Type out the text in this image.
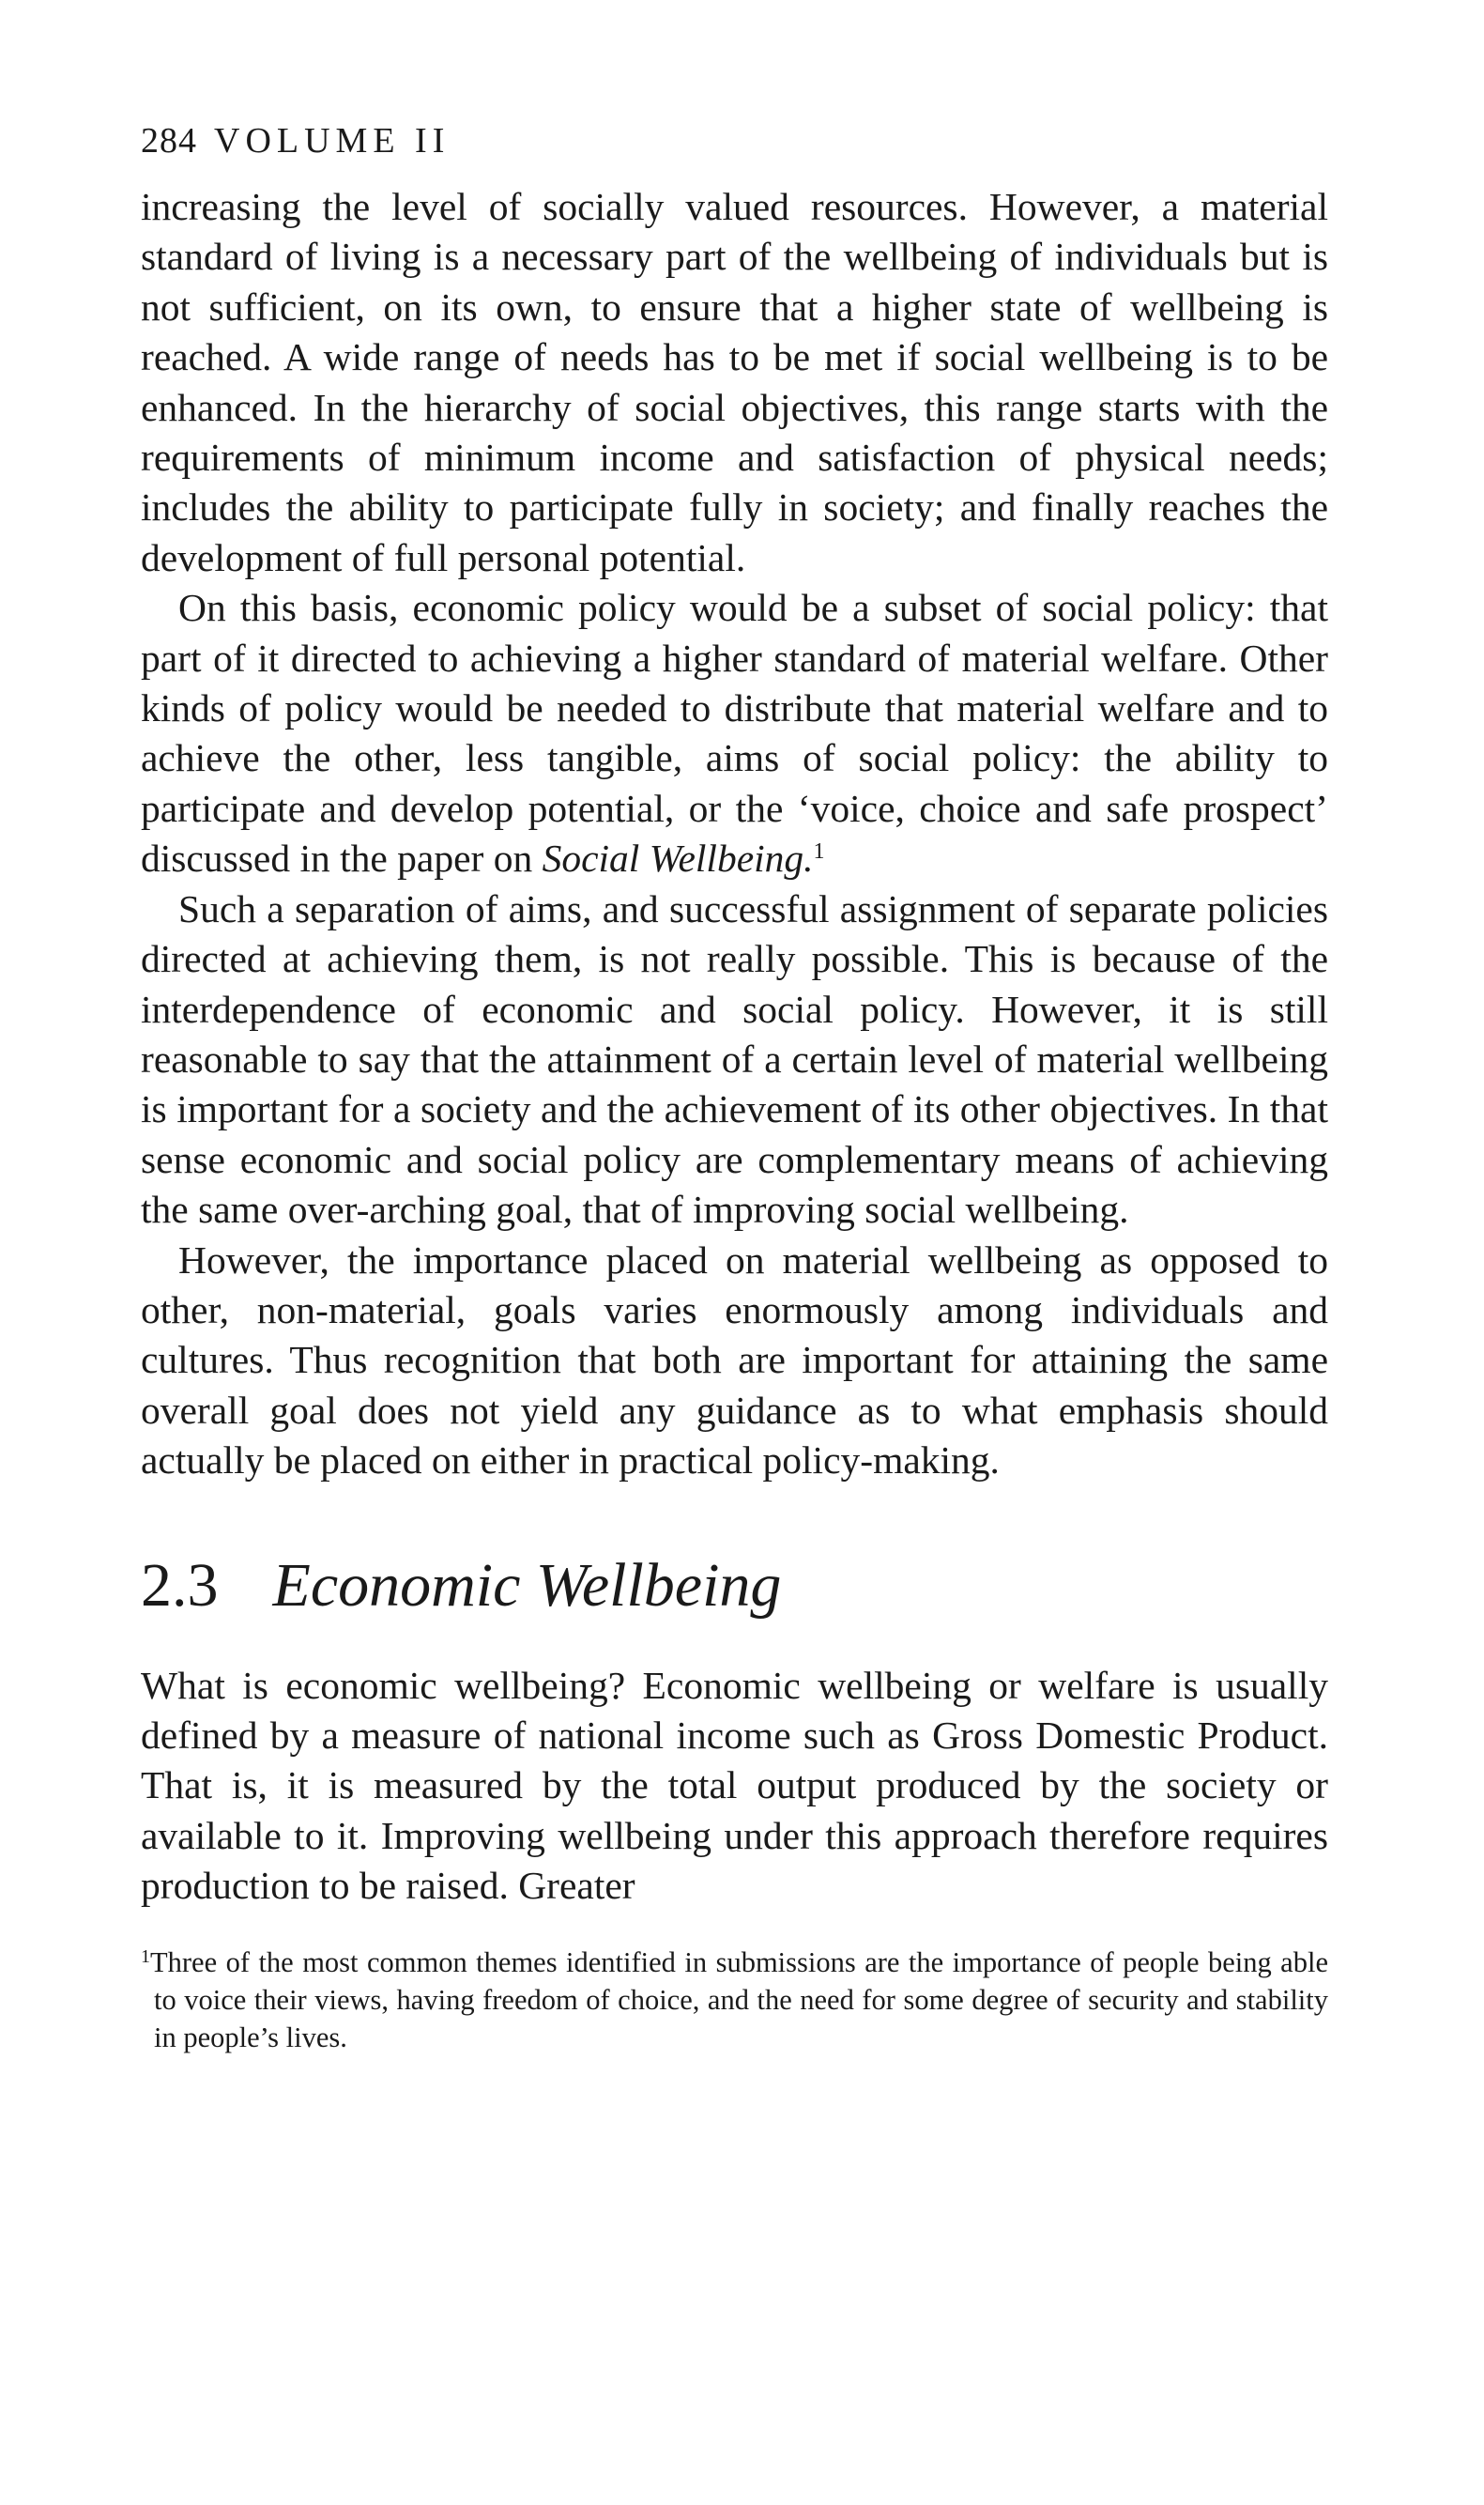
284 VOLUME II

increasing the level of socially valued resources. However, a material standard of living is a necessary part of the wellbeing of individuals but is not sufficient, on its own, to ensure that a higher state of wellbeing is reached. A wide range of needs has to be met if social wellbeing is to be enhanced. In the hierarchy of social objectives, this range starts with the requirements of minimum income and satisfaction of physical needs; includes the ability to participate fully in society; and finally reaches the development of full personal potential.

On this basis, economic policy would be a subset of social policy: that part of it directed to achieving a higher standard of material welfare. Other kinds of policy would be needed to distribute that material welfare and to achieve the other, less tangible, aims of social policy: the ability to participate and develop potential, or the ‘voice, choice and safe prospect’ discussed in the paper on Social Wellbeing.$^1$

Such a separation of aims, and successful assignment of separate policies directed at achieving them, is not really possible. This is because of the interdependence of economic and social policy. However, it is still reasonable to say that the attainment of a certain level of material wellbeing is important for a society and the achievement of its other objectives. In that sense economic and social policy are complementary means of achieving the same over-arching goal, that of improving social wellbeing.

However, the importance placed on material wellbeing as opposed to other, non-material, goals varies enormously among individuals and cultures. Thus recognition that both are important for attaining the same overall goal does not yield any guidance as to what emphasis should actually be placed on either in practical policy-making.

2.3 Economic Wellbeing

What is economic wellbeing? Economic wellbeing or welfare is usually defined by a measure of national income such as Gross Domestic Product. That is, it is measured by the total output produced by the society or available to it. Improving wellbeing under this approach therefore requires production to be raised. Greater

$^1$Three of the most common themes identified in submissions are the importance of people being able to voice their views, having freedom of choice, and the need for some degree of security and stability in people’s lives.
